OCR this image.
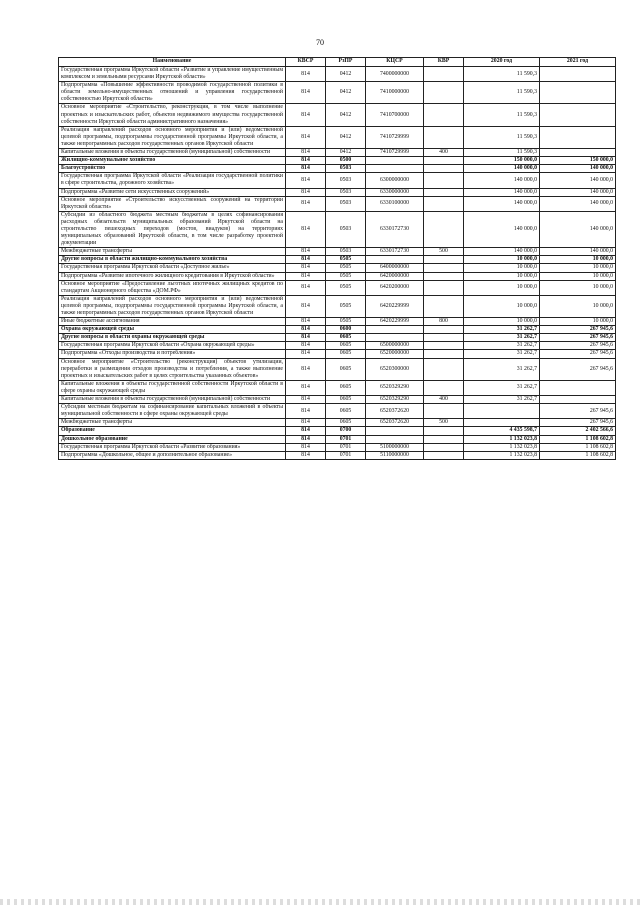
70
Наименование	КВСР	РзПР	КЦСР	КВР	2020 год	2021 год
Государственная программа Иркутской области «Развитие и управление имущественным комплексом и земельными ресурсами Иркутской области»	814	0412	7400000000		11 590,3	
Подпрограмма «Повышение эффективности проводимой государственной политики в области земельно-имущественных отношений и управления государственной собственностью Иркутской области»	814	0412	7410000000		11 590,3	
Основное мероприятие «Строительство, реконструкция, в том числе выполнение проектных и изыскательских работ, объектов недвижимого имущества государственной собственности Иркутской области административного назначения»	814	0412	7410700000		11 590,3	
Реализация направлений расходов основного мероприятия и (или) ведомственной целевой программы, подпрограммы государственной программы Иркутской области, а также непрограммных расходов государственных органов Иркутской области	814	0412	7410729999		11 590,3	
Капитальные вложения в объекты государственной (муниципальной) собственности	814	0412	7410729999	400	11 590,3	
Жилищно-коммунальное хозяйство	814	0500			150 000,0	150 000,0
Благоустройство	814	0503			140 000,0	140 000,0
Государственная программа Иркутской области «Реализация государственной политики в сфере строительства, дорожного хозяйства»	814	0503	6300000000		140 000,0	140 000,0
Подпрограмма «Развитие сети искусственных сооружений»	814	0503	6330000000		140 000,0	140 000,0
Основное мероприятие «Строительство искусственных сооружений на территории Иркутской области»	814	0503	6330100000		140 000,0	140 000,0
Субсидии из областного бюджета местным бюджетам в целях софинансирования расходных обязательств муниципальных образований Иркутской области на строительство пешеходных переходов (мостов, виадуков) на территориях муниципальных образований Иркутской области, в том числе разработку проектной документации	814	0503	6330172730		140 000,0	140 000,0
Межбюджетные трансферты	814	0503	6330172730	500	140 000,0	140 000,0
Другие вопросы в области жилищно-коммунального хозяйства	814	0505			10 000,0	10 000,0
Государственная программа Иркутской области «Доступное жилье»	814	0505	6400000000		10 000,0	10 000,0
Подпрограмма «Развитие ипотечного жилищного кредитования в Иркутской области»	814	0505	6420000000		10 000,0	10 000,0
Основное мероприятие «Предоставление льготных ипотечных жилищных кредитов по стандартам Акционерного общества «ДОМ.РФ»	814	0505	6420200000		10 000,0	10 000,0
Реализация направлений расходов основного мероприятия и (или) ведомственной целевой программы, подпрограммы государственной программы Иркутской области, а также непрограммных расходов государственных органов Иркутской области	814	0505	6420229999		10 000,0	10 000,0
Иные бюджетные ассигнования	814	0505	6420229999	800	10 000,0	10 000,0
Охрана окружающей среды	814	0600			31 262,7	267 945,6
Другие вопросы в области охраны окружающей среды	814	0605			31 262,7	267 945,6
Государственная программа Иркутской области «Охрана окружающей среды»	814	0605	6500000000		31 262,7	267 945,6
Подпрограмма «Отходы производства и потребления»	814	0605	6520000000		31 262,7	267 945,6
Основное мероприятие «Строительство (реконструкция) объектов утилизации, переработки и размещения отходов производства и потребления, а также выполнение проектных и изыскательских работ в целях строительства указанных объектов»	814	0605	6520300000		31 262,7	267 945,6
Капитальные вложения в объекты государственной собственности Иркутской области в сфере охраны окружающей среды	814	0605	6520329290		31 262,7	
Капитальные вложения в объекты государственной (муниципальной) собственности	814	0605	6520329290	400	31 262,7	
Субсидии местным бюджетам на софинансирование капитальных вложений в объекты муниципальной собственности в сфере охраны окружающей среды	814	0605	6520372620			267 945,6
Межбюджетные трансферты	814	0605	6520372620	500		267 945,6
Образование	814	0700			4 435 598,7	2 402 566,6
Дошкольное образование	814	0701			1 132 023,8	1 108 602,8
Государственная программа Иркутской области «Развитие образования»	814	0701	5100000000		1 132 023,8	1 108 602,8
Подпрограмма «Дошкольное, общее и дополнительное образование»	814	0701	5110000000		1 132 023,8	1 108 602,8
